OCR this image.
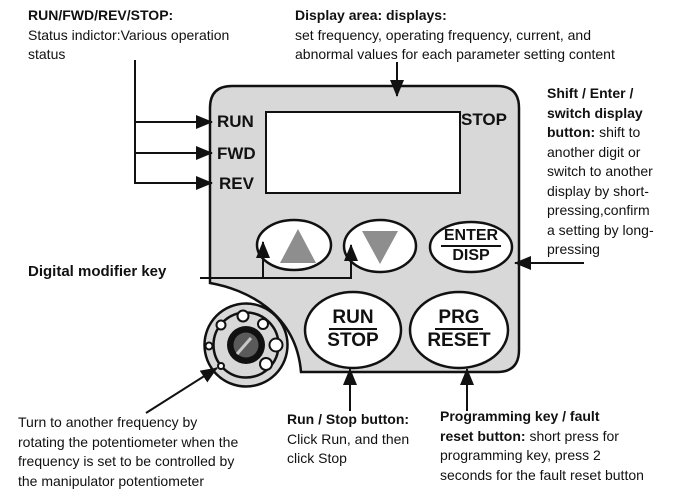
RUN
FWD
REV
STOP
ENTER
DISP
RUN
STOP
PRG
RESET
RUN/FWD/REV/STOP:
Status indictor:Various operation
status
Display area: displays:
set frequency, operating frequency, current, and
abnormal values for each parameter setting content
Shift / Enter /
switch display
button: shift to
another digit or
switch to another
display by short-
pressing,confirm
a setting by long-
pressing
Digital modifier key
Turn to another frequency by
rotating the potentiometer when the
frequency is set to be controlled by
the manipulator potentiometer
Run / Stop button:
Click Run, and then
click Stop
Programming key / fault
reset button: short press for
programming key, press 2
seconds for the fault reset button
